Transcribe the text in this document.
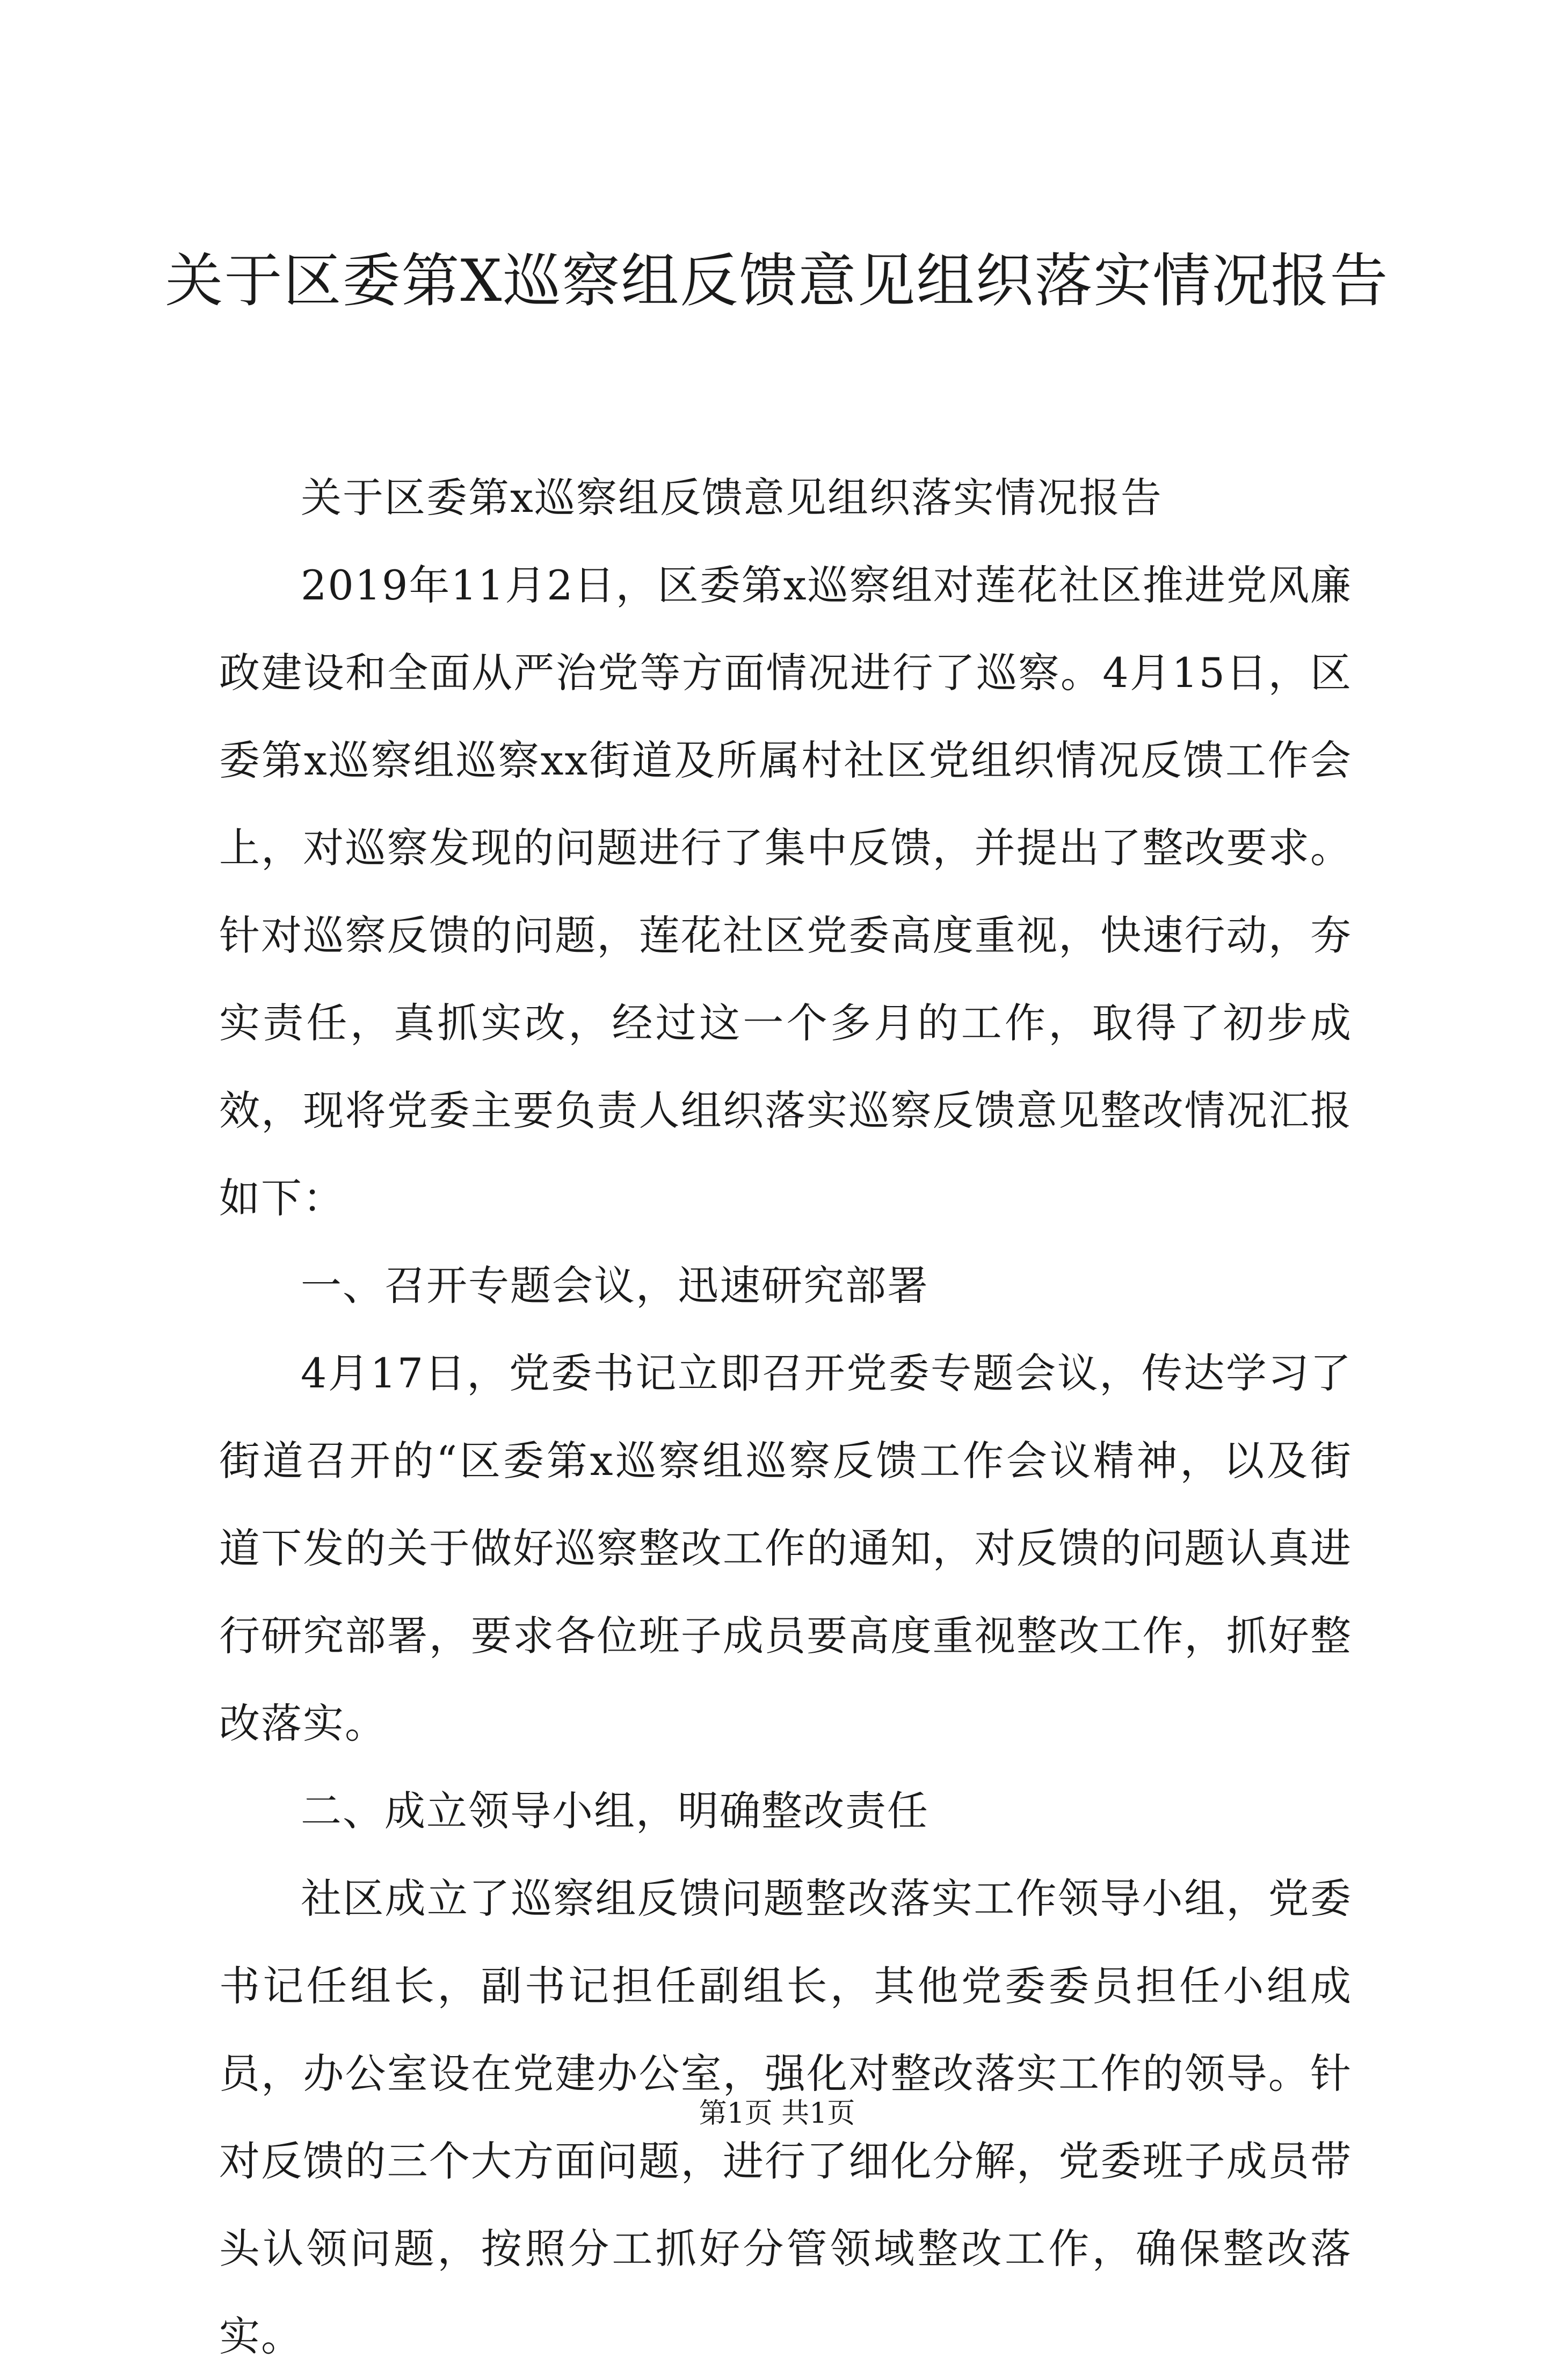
关于区委第X巡察组反馈意见组织落实情况报告

关于区委第x巡察组反馈意见组织落实情况报告

2019年11月2日，区委第x巡察组对莲花社区推进党风廉政建设和全面从严治党等方面情况进行了巡察。4月15日，区委第x巡察组巡察xx街道及所属村社区党组织情况反馈工作会上，对巡察发现的问题进行了集中反馈，并提出了整改要求。针对巡察反馈的问题，莲花社区党委高度重视，快速行动，夯实责任，真抓实改，经过这一个多月的工作，取得了初步成效，现将党委主要负责人组织落实巡察反馈意见整改情况汇报如下：

一、召开专题会议，迅速研究部署

4月17日，党委书记立即召开党委专题会议，传达学习了街道召开的“区委第x巡察组巡察反馈工作会议精神，以及街道下发的关于做好巡察整改工作的通知，对反馈的问题认真进行研究部署，要求各位班子成员要高度重视整改工作，抓好整改落实。

二、成立领导小组，明确整改责任

社区成立了巡察组反馈问题整改落实工作领导小组，党委书记任组长，副书记担任副组长，其他党委委员担任小组成员，办公室设在党建办公室，强化对整改落实工作的领导。针对反馈的三个大方面问题，进行了细化分解，党委班子成员带头认领问题，按照分工抓好分管领域整改工作，确保整改落实。

第1页 共1页
